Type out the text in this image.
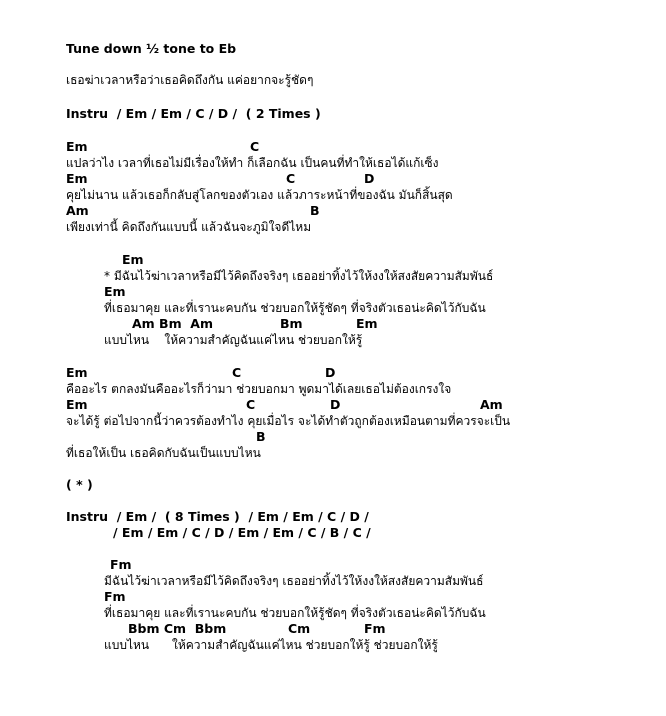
Tune down ½ tone to Eb

เธอฆ่าเวลาหรือว่าเธอคิดถึงกัน แค่อยากจะรู้ชัดๆ

Instru  / Em / Em / C / D /  ( 2 Times )

Em

	C

แปลว่าไง เวลาที่เธอไม่มีเรื่องให้ทำ ก็เลือกฉัน เป็นคนที่ทำให้เธอได้แก้เซ็ง

Em

	C

	D

คุยไม่นาน แล้วเธอก็กลับสู่โลกของตัวเอง แล้วภาระหน้าที่ของฉัน มันก็สิ้นสุด

Am

	B

เพียงเท่านี้ คิดถึงกันแบบนี้ แล้วฉันจะภูมิใจดีไหม

Em

* มีฉันไว้ฆ่าเวลาหรือมีไว้คิดถึงจริงๆ เธออย่าทิ้งไว้ให้งงให้สงสัยความสัมพันธ์

Em

ที่เธอมาคุย และที่เรานะคบกัน ช่วยบอกให้รู้ชัดๆ ที่จริงตัวเธอน่ะคิดไว้กับฉัน

Am Bm  Am

	Bm

	Em

แบบไหน    ให้ความสำคัญฉันแค่ไหน ช่วยบอกให้รู้

Em

	C

	D

คืออะไร ตกลงมันคืออะไรก็ว่ามา ช่วยบอกมา พูดมาได้เลยเธอไม่ต้องเกรงใจ

Em

	C

	D

	Am

จะได้รู้ ต่อไปจากนี้ว่าควรต้องทำไง คุยเมื่อไร จะได้ทำตัวถูกต้องเหมือนตามที่ควรจะเป็น

B

ที่เธอให้เป็น เธอคิดกับฉันเป็นแบบไหน

( * )

Instru  / Em /  ( 8 Times )  / Em / Em / C / D /

/ Em / Em / C / D / Em / Em / C / B / C /

Fm

มีฉันไว้ฆ่าเวลาหรือมีไว้คิดถึงจริงๆ เธออย่าทิ้งไว้ให้งงให้สงสัยความสัมพันธ์

Fm

ที่เธอมาคุย และที่เรานะคบกัน ช่วยบอกให้รู้ชัดๆ ที่จริงตัวเธอน่ะคิดไว้กับฉัน

Bbm Cm  Bbm

	Cm

	Fm

แบบไหน      ให้ความสำคัญฉันแค่ไหน ช่วยบอกให้รู้ ช่วยบอกให้รู้
